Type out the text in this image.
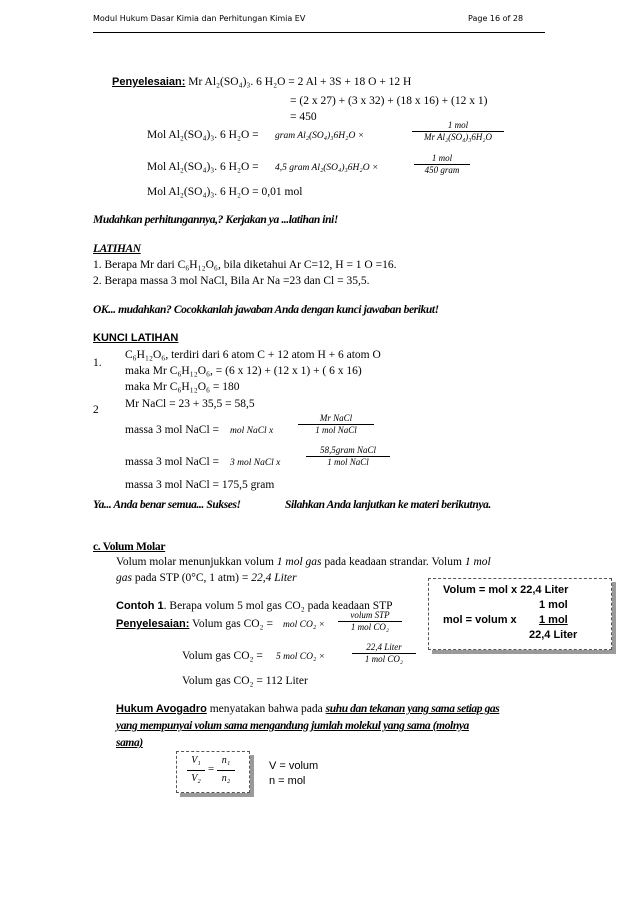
Modul Hukum Dasar Kimia dan Perhitungan Kimia EV	Page 16 of 28
Penyelesaian: Mr Al₂(SO₄)₃. 6 H₂O = 2 Al + 3S + 18 O + 12 H
= (2 x 27) + (3 x 32) + (18 x 16) + (12 x 1)
= 450
Mol Al₂(SO₄)₃. 6 H₂O = gram Al₂(SO₄)₃6H₂O ×
1 mol
Mr Al₂(SO₄)₃6H₂O
Mol Al₂(SO₄)₃. 6 H₂O = 4,5 gram Al₂(SO₄)₃6H₂O ×
1 mol
450 gram
Mol Al₂(SO₄)₃. 6 H₂O = 0,01 mol
Mudahkan perhitungannya,? Kerjakan ya ...latihan ini!
LATIHAN
1. Berapa Mr dari C₆H₁₂O₆, bila diketahui Ar C=12, H = 1 O =16.
2. Berapa massa 3 mol NaCl, Bila Ar Na =23 dan Cl = 35,5.
OK... mudahkan? Cocokkanlah jawaban Anda dengan kunci jawaban berikut!
KUNCI LATIHAN
1.
C₆H₁₂O₆, terdiri dari 6 atom C + 12 atom H + 6 atom O
maka Mr C₆H₁₂O₆, = (6 x 12) + (12 x 1) + ( 6 x 16)
maka Mr C₆H₁₂O₆ = 180
2 Mr NaCl = 23 + 35,5 = 58,5
massa 3 mol NaCl = mol NaCl x
Mr NaCl
1 mol NaCl
massa 3 mol NaCl = 3 mol NaCl x
58,5gram NaCl
1 mol NaCl
massa 3 mol NaCl = 175,5 gram
Ya... Anda benar semua... Sukses!	Silahkan Anda lanjutkan ke materi berikutnya.
c. Volum Molar
Volum molar menunjukkan volum 1 mol gas pada keadaan strandar. Volum 1 mol
gas pada STP (0°C, 1 atm) = 22,4 Liter
Volum = mol x 22,4 Liter
1 mol
mol = volum x 1 mol
22,4 Liter
Contoh 1. Berapa volum 5 mol gas CO₂ pada keadaan STP
Penyelesaian: Volum gas CO₂ = mol CO₂ ×
volum STP
1 mol CO₂
Volum gas CO₂ = 5 mol CO₂ ×
22,4 Liter
1 mol CO₂
Volum gas CO₂ = 112 Liter
Hukum Avogadro menyatakan bahwa pada suhu dan tekanan yang sama setiap gas
yang mempunyai volum sama mengandung jumlah molekul yang sama (molnya
sama)
V₁
V₂
=
n₁
n₂
V = volum
n = mol
